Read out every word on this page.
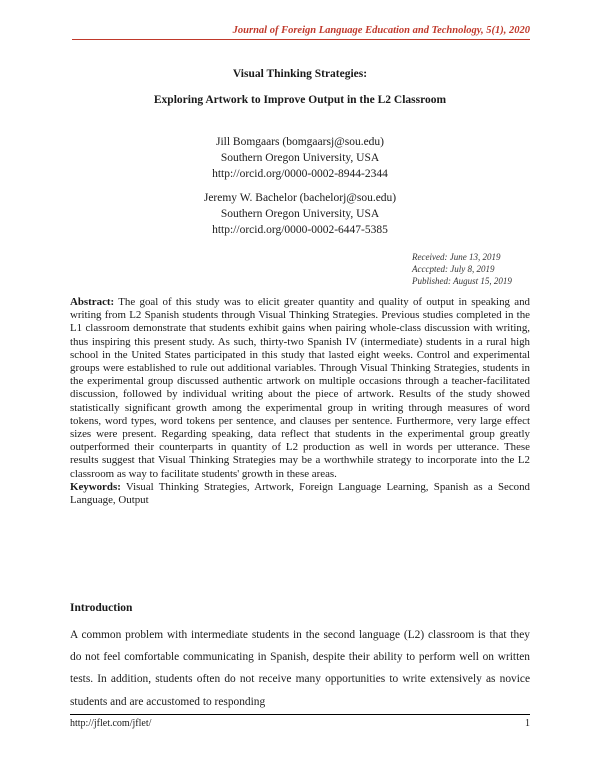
Journal of Foreign Language Education and Technology, 5(1), 2020
Visual Thinking Strategies:
Exploring Artwork to Improve Output in the L2 Classroom
Jill Bomgaars (bomgaarsj@sou.edu)
Southern Oregon University, USA
http://orcid.org/0000-0002-8944-2344
Jeremy W. Bachelor (bachelorj@sou.edu)
Southern Oregon University, USA
http://orcid.org/0000-0002-6447-5385
Received: June 13, 2019
Acccpted: July 8, 2019
Published: August 15, 2019
Abstract: The goal of this study was to elicit greater quantity and quality of output in speaking and writing from L2 Spanish students through Visual Thinking Strategies. Previous studies completed in the L1 classroom demonstrate that students exhibit gains when pairing whole-class discussion with writing, thus inspiring this present study. As such, thirty-two Spanish IV (intermediate) students in a rural high school in the United States participated in this study that lasted eight weeks. Control and experimental groups were established to rule out additional variables. Through Visual Thinking Strategies, students in the experimental group discussed authentic artwork on multiple occasions through a teacher-facilitated discussion, followed by individual writing about the piece of artwork. Results of the study showed statistically significant growth among the experimental group in writing through measures of word tokens, word types, word tokens per sentence, and clauses per sentence. Furthermore, very large effect sizes were present. Regarding speaking, data reflect that students in the experimental group greatly outperformed their counterparts in quantity of L2 production as well in words per utterance. These results suggest that Visual Thinking Strategies may be a worthwhile strategy to incorporate into the L2 classroom as way to facilitate students' growth in these areas.
Keywords: Visual Thinking Strategies, Artwork, Foreign Language Learning, Spanish as a Second Language, Output
Introduction
A common problem with intermediate students in the second language (L2) classroom is that they do not feel comfortable communicating in Spanish, despite their ability to perform well on written tests. In addition, students often do not receive many opportunities to write extensively as novice students and are accustomed to responding
http://jflet.com/jflet/	1
